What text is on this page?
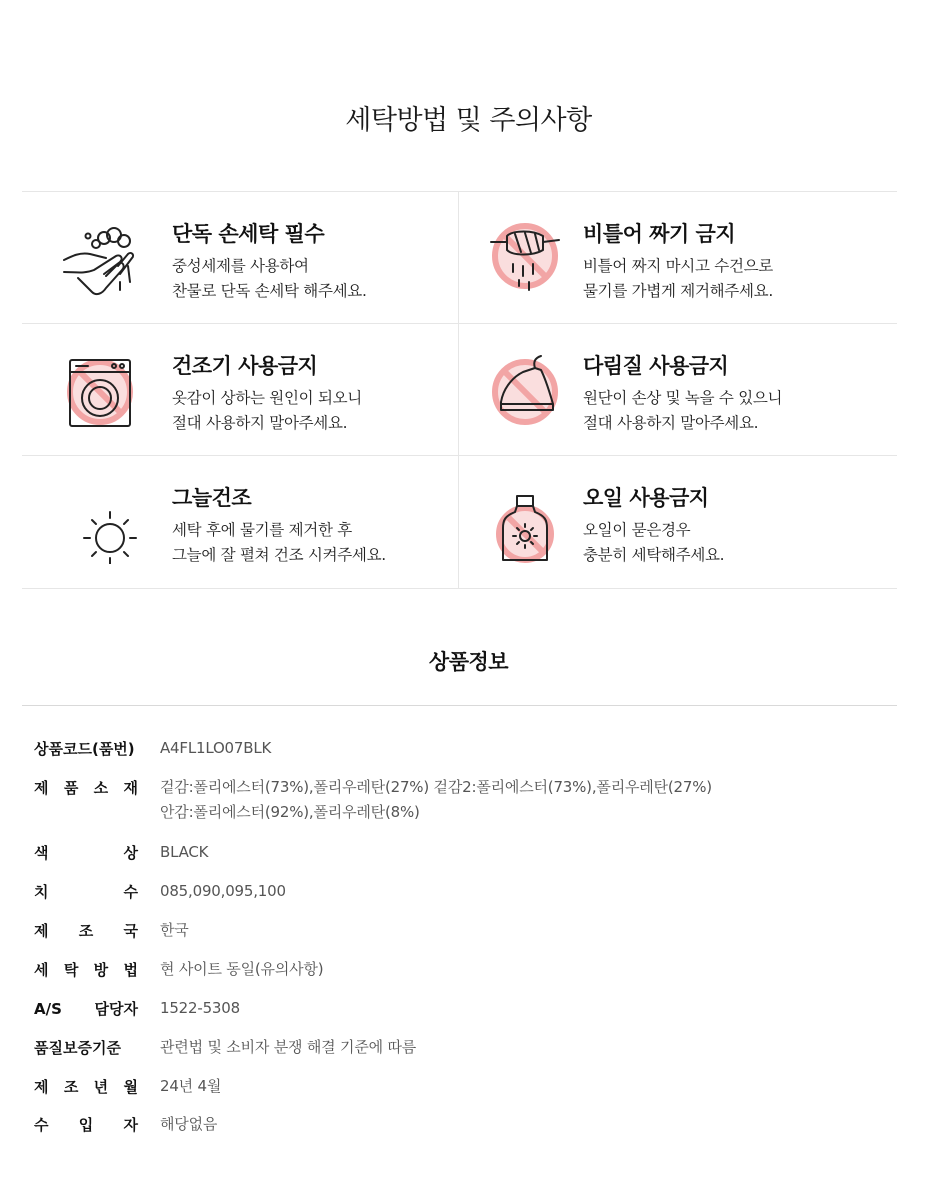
세탁방법 및 주의사항
단독 손세탁 필수
중성세제를 사용하여
찬물로 단독 손세탁 해주세요.
비틀어 짜기 금지
비틀어 짜지 마시고 수건으로
물기를 가볍게 제거해주세요.
건조기 사용금지
옷감이 상하는 원인이 되오니
절대 사용하지 말아주세요.
다림질 사용금지
원단이 손상 및 녹을 수 있으니
절대 사용하지 말아주세요.
그늘건조
세탁 후에 물기를 제거한 후
그늘에 잘 펼쳐 건조 시켜주세요.
오일 사용금지
오일이 묻은경우
충분히 세탁해주세요.
상품정보
상품코드(품번) A4FL1LO07BLK
제 품 소 재 겉감:폴리에스터(73%),폴리우레탄(27%) 겉감2:폴리에스터(73%),폴리우레탄(27%)
안감:폴리에스터(92%),폴리우레탄(8%)
색	상 BLACK
치	수 085,090,095,100
제 조 국 한국
세 탁 방 법 현 사이트 동일(유의사항)
A/S 담당자 1522-5308
품질보증기준	관련법 및 소비자 분쟁 해결 기준에 따름
제 조 년 월 24년 4월
수 입 자 해당없음
